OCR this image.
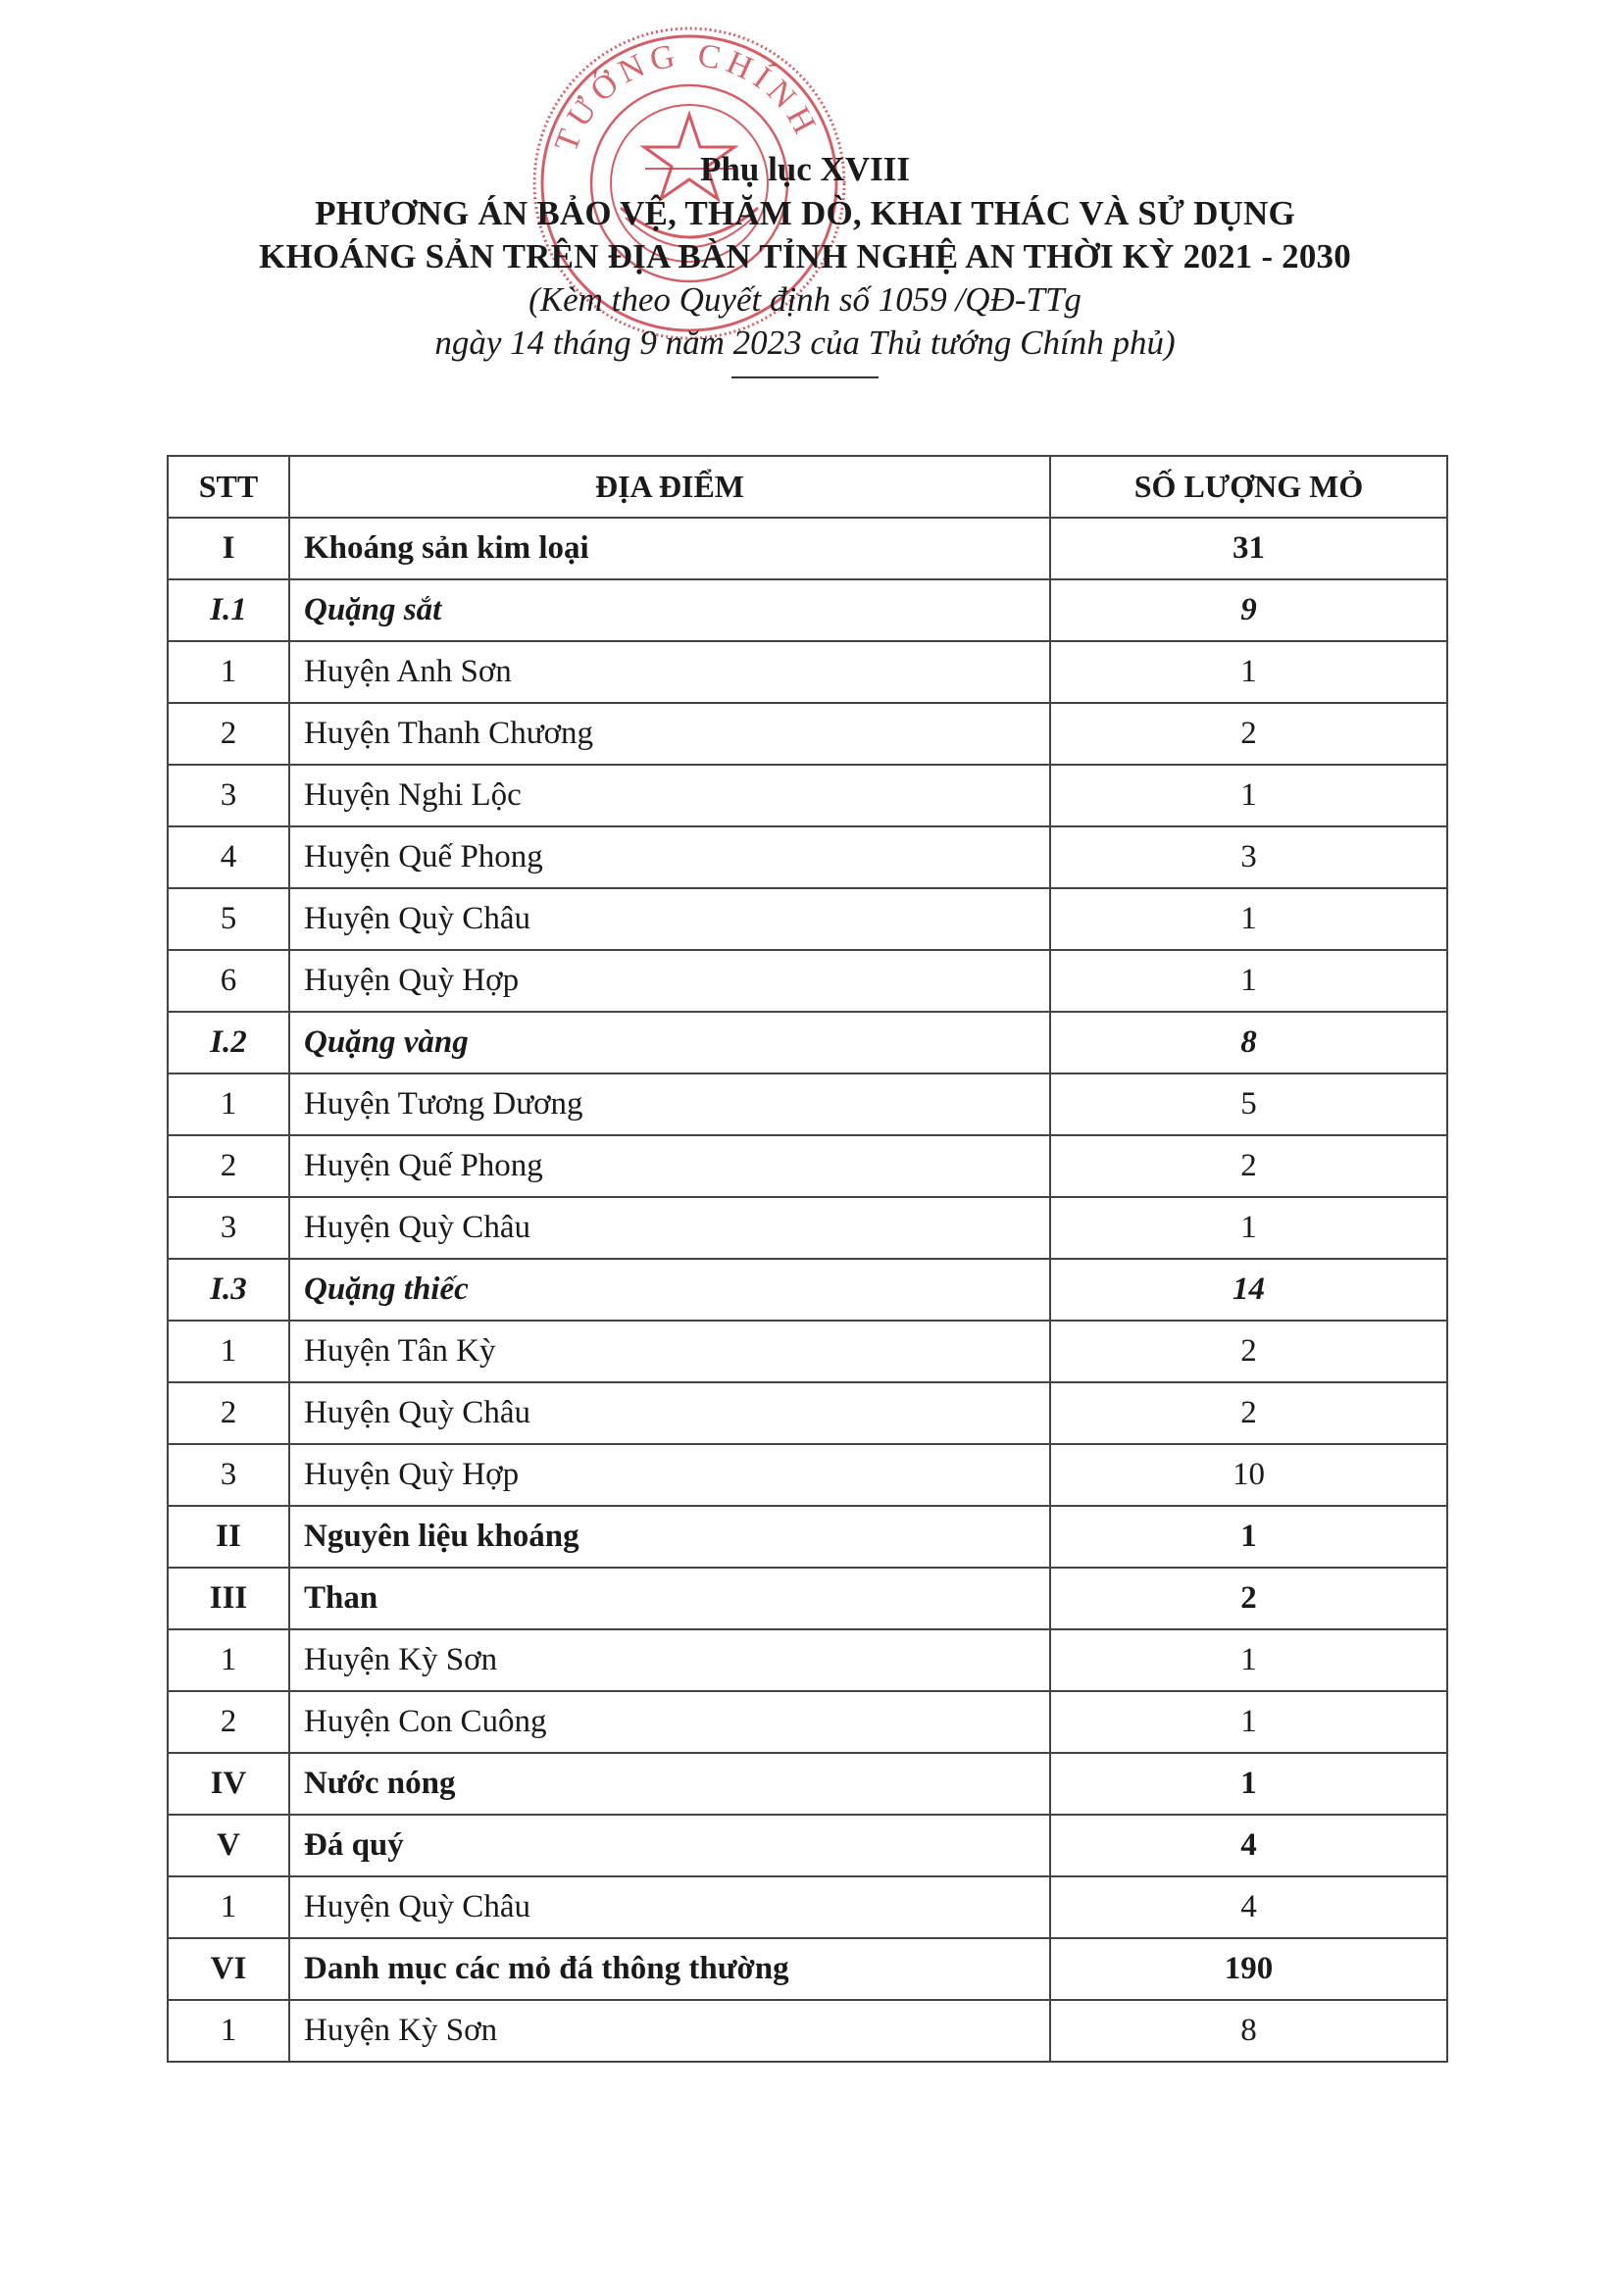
TƯỚNG CHÍNH

Phụ lục XVIII

PHƯƠNG ÁN BẢO VỆ, THĂM DÒ, KHAI THÁC VÀ SỬ DỤNG

KHOÁNG SẢN TRÊN ĐỊA BÀN TỈNH NGHỆ AN THỜI KỲ 2021 - 2030

(Kèm theo Quyết định số 1059 /QĐ-TTg

ngày 14 tháng 9 năm 2023 của Thủ tướng Chính phủ)

STT	ĐỊA ĐIỂM	SỐ LƯỢNG MỎ
I	Khoáng sản kim loại	31
I.1	Quặng sắt	9
1	Huyện Anh Sơn	1
2	Huyện Thanh Chương	2
3	Huyện Nghi Lộc	1
4	Huyện Quế Phong	3
5	Huyện Quỳ Châu	1
6	Huyện Quỳ Hợp	1
I.2	Quặng vàng	8
1	Huyện Tương Dương	5
2	Huyện Quế Phong	2
3	Huyện Quỳ Châu	1
I.3	Quặng thiếc	14
1	Huyện Tân Kỳ	2
2	Huyện Quỳ Châu	2
3	Huyện Quỳ Hợp	10
II	Nguyên liệu khoáng	1
III	Than	2
1	Huyện Kỳ Sơn	1
2	Huyện Con Cuông	1
IV	Nước nóng	1
V	Đá quý	4
1	Huyện Quỳ Châu	4
VI	Danh mục các mỏ đá thông thường	190
1	Huyện Kỳ Sơn	8
